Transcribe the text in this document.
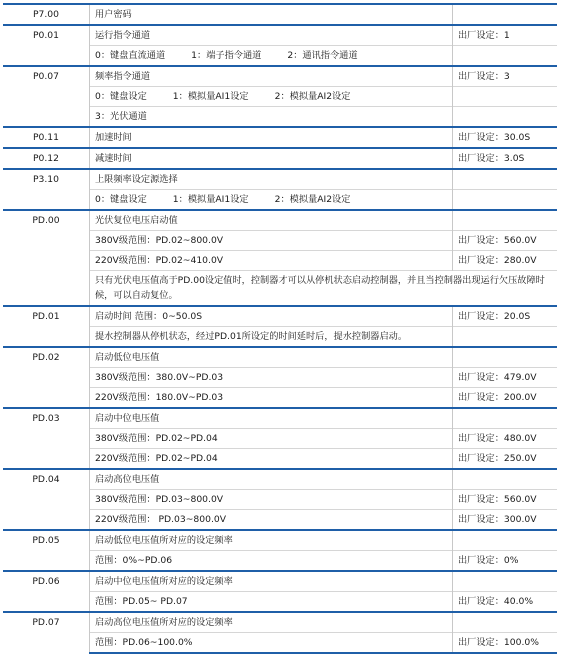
P7.00	用户密码	
P0.01	运行指令通道	出厂设定：1
	0：键盘直流通道 1：端子指令通道 2：通讯指令通道	
P0.07	频率指令通道	出厂设定：3
	0：键盘设定 1：模拟量AI1设定 2：模拟量AI2设定	
	3：光伏通道	
P0.11	加速时间	出厂设定：30.0S
P0.12	减速时间	出厂设定：3.0S
P3.10	上限频率设定源选择	
	0：键盘设定 1：模拟量AI1设定 2：模拟量AI2设定	
PD.00	光伏复位电压启动值	
	380V级范围：PD.02~800.0V	出厂设定：560.0V
	220V级范围：PD.02~410.0V	出厂设定：280.0V
	只有光伏电压值高于PD.00设定值时，控制器才可以从停机状态启动控制器，并且当控制器出现运行欠压故障时候，可以自动复位。	
PD.01	启动时间 范围：0~50.0S	出厂设定：20.0S
	提水控制器从停机状态，经过PD.01所设定的时间延时后，提水控制器启动。	
PD.02	启动低位电压值	
	380V级范围：380.0V~PD.03	出厂设定：479.0V
	220V级范围：180.0V~PD.03	出厂设定：200.0V
PD.03	启动中位电压值	
	380V级范围：PD.02~PD.04	出厂设定：480.0V
	220V级范围：PD.02~PD.04	出厂设定：250.0V
PD.04	启动高位电压值	
	380V级范围：PD.03~800.0V	出厂设定：560.0V
	220V级范围： PD.03~800.0V	出厂设定：300.0V
PD.05	启动低位电压值所对应的设定频率	
	范围：0%~PD.06	出厂设定：0%
PD.06	启动中位电压值所对应的设定频率	
	范围：PD.05~ PD.07	出厂设定：40.0%
PD.07	启动高位电压值所对应的设定频率	
	范围：PD.06~100.0%	出厂设定：100.0%
